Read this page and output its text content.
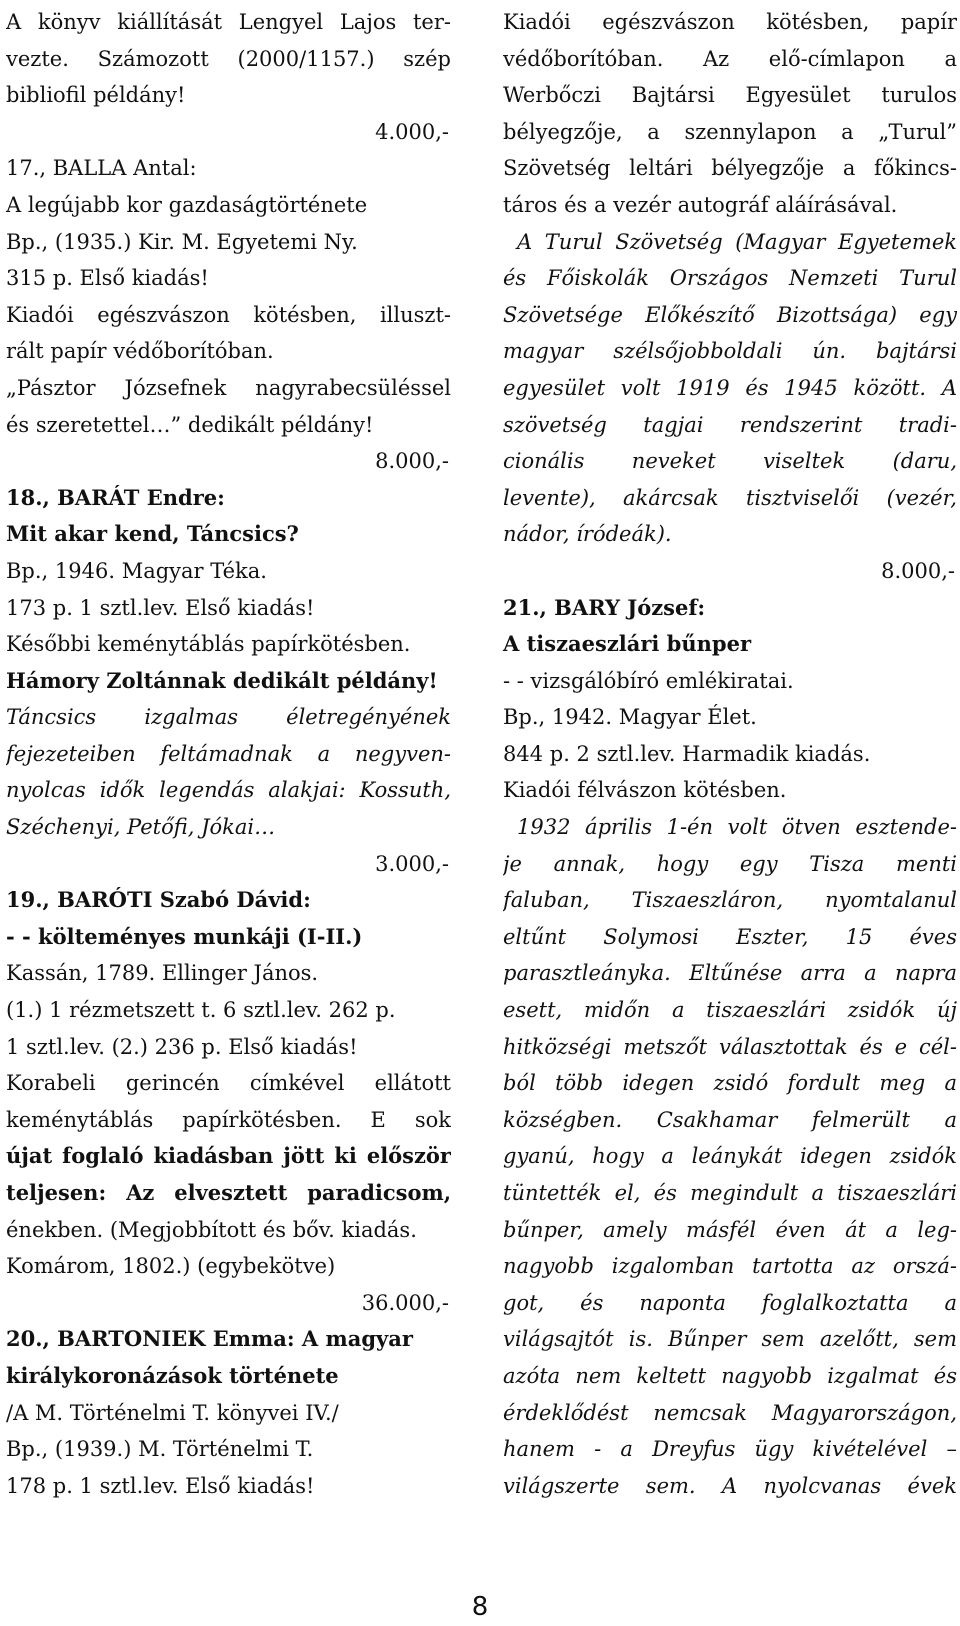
A könyv kiállítását Lengyel Lajos ter-
vezte. Számozott (2000/1157.) szép
bibliofil példány!
4.000,-
17., BALLA Antal:
A legújabb kor gazdaságtörténete
Bp., (1935.) Kir. M. Egyetemi Ny.
315 p. Első kiadás!
Kiadói egészvászon kötésben, illuszt-
rált papír védőborítóban.
„Pásztor Józsefnek nagyrabecsüléssel
és szeretettel…” dedikált példány!
8.000,-
18., BARÁT Endre:
Mit akar kend, Táncsics?
Bp., 1946. Magyar Téka.
173 p. 1 sztl.lev. Első kiadás!
Későbbi keménytáblás papírkötésben.
Hámory Zoltánnak dedikált példány!
Táncsics izgalmas életregényének
fejezeteiben feltámadnak a negyven-
nyolcas idők legendás alakjai: Kossuth,
Széchenyi, Petőfi, Jókai…
3.000,-
19., BARÓTI Szabó Dávid:
- - költeményes munkáji (I-II.)
Kassán, 1789. Ellinger János.
(1.) 1 rézmetszett t. 6 sztl.lev. 262 p.
1 sztl.lev. (2.) 236 p. Első kiadás!
Korabeli gerincén címkével ellátott
keménytáblás papírkötésben. E sok
újat foglaló kiadásban jött ki először
teljesen: Az elvesztett paradicsom,
énekben. (Megjobbított és bőv. kiadás.
Komárom, 1802.) (egybekötve)
36.000,-
20., BARTONIEK Emma: A magyar
királykoronázások története
/A M. Történelmi T. könyvei IV./
Bp., (1939.) M. Történelmi T.
178 p. 1 sztl.lev. Első kiadás!
Kiadói egészvászon kötésben, papír
védőborítóban. Az elő-címlapon a
Werbőczi Bajtársi Egyesület turulos
bélyegzője, a szennylapon a „Turul”
Szövetség leltári bélyegzője a főkincs-
táros és a vezér autográf aláírásával.
A Turul Szövetség (Magyar Egyetemek
és Főiskolák Országos Nemzeti Turul
Szövetsége Előkészítő Bizottsága) egy
magyar szélsőjobboldali ún. bajtársi
egyesület volt 1919 és 1945 között. A
szövetség tagjai rendszerint tradi-
cionális neveket viseltek (daru,
levente), akárcsak tisztviselői (vezér,
nádor, íródeák).
8.000,-
21., BARY József:
A tiszaeszlári bűnper
- - vizsgálóbíró emlékiratai.
Bp., 1942. Magyar Élet.
844 p. 2 sztl.lev. Harmadik kiadás.
Kiadói félvászon kötésben.
1932 április 1-én volt ötven esztende-
je annak, hogy egy Tisza menti
faluban, Tiszaeszláron, nyomtalanul
eltűnt Solymosi Eszter, 15 éves
parasztleányka. Eltűnése arra a napra
esett, midőn a tiszaeszlári zsidók új
hitközségi metszőt választottak és e cél-
ból több idegen zsidó fordult meg a
községben. Csakhamar felmerült a
gyanú, hogy a leánykát idegen zsidók
tüntették el, és megindult a tiszaeszlári
bűnper, amely másfél éven át a leg-
nagyobb izgalomban tartotta az orszá-
got, és naponta foglalkoztatta a
világsajtót is. Bűnper sem azelőtt, sem
azóta nem keltett nagyobb izgalmat és
érdeklődést nemcsak Magyarországon,
hanem - a Dreyfus ügy kivételével –
világszerte sem. A nyolcvanas évek
8
